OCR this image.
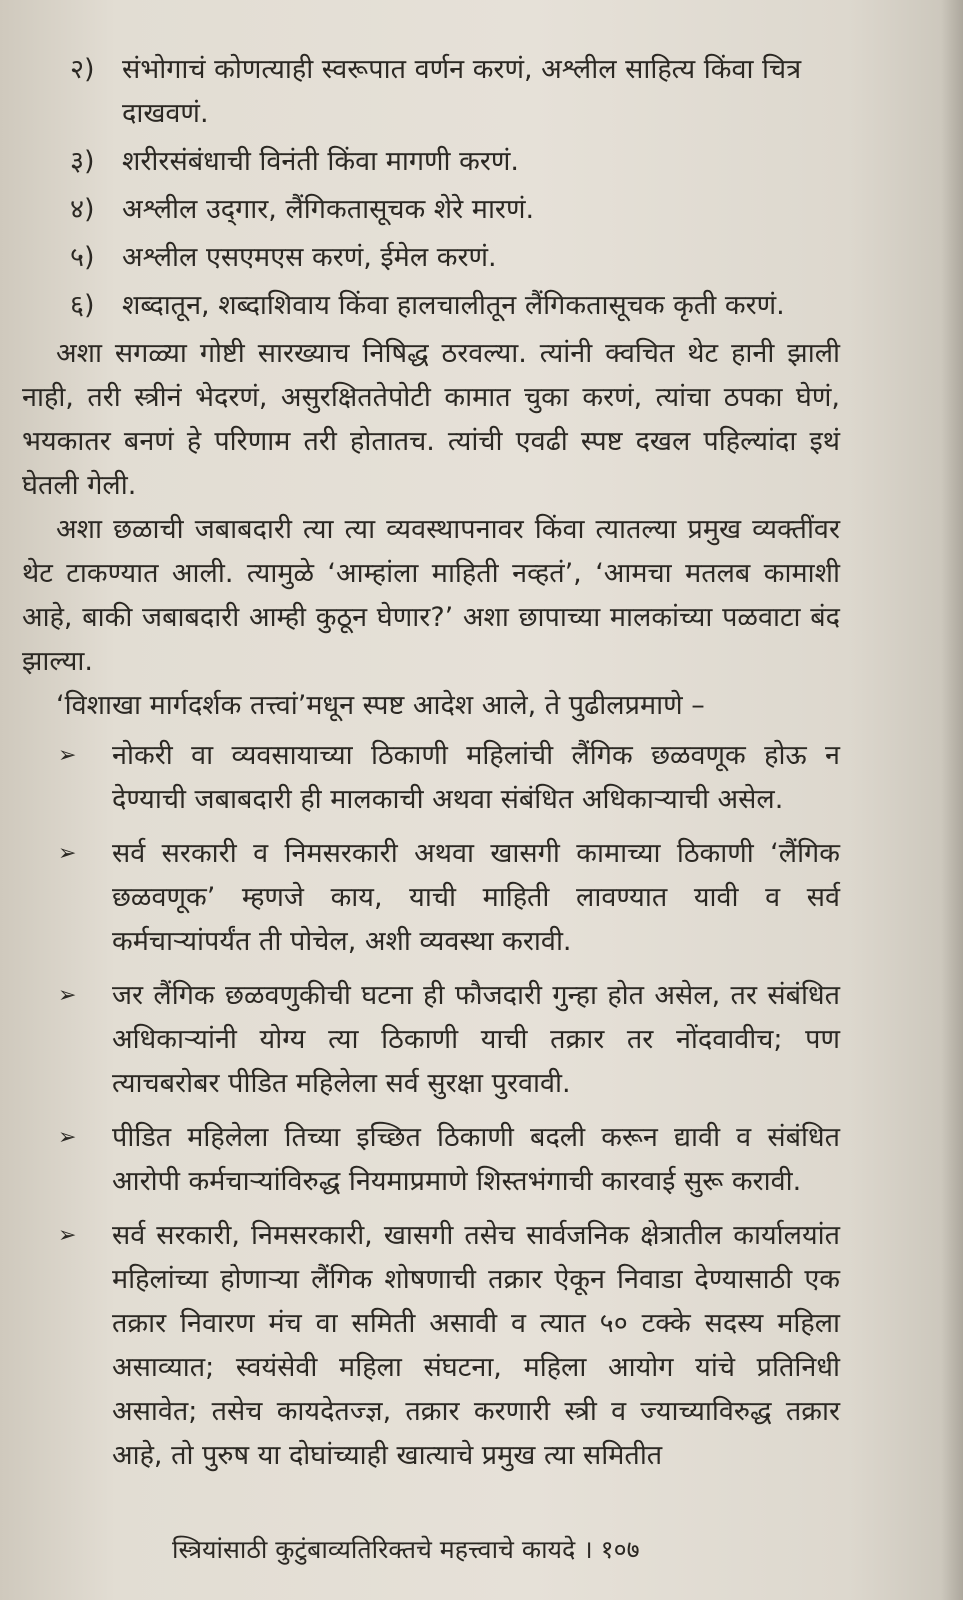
२) संभोगाचं कोणत्याही स्वरूपात वर्णन करणं, अश्लील साहित्य किंवा चित्र दाखवणं.
३) शरीरसंबंधाची विनंती किंवा मागणी करणं.
४) अश्लील उद्‌गार, लैंगिकतासूचक शेरे मारणं.
५) अश्लील एसएमएस करणं, ईमेल करणं.
६) शब्दातून, शब्दाशिवाय किंवा हालचालीतून लैंगिकतासूचक कृती करणं.

अशा सगळ्या गोष्टी सारख्याच निषिद्ध ठरवल्या. त्यांनी क्वचित थेट हानी झाली नाही, तरी स्त्रीनं भेदरणं, असुरक्षिततेपोटी कामात चुका करणं, त्यांचा ठपका घेणं, भयकातर बनणं हे परिणाम तरी होतातच. त्यांची एवढी स्पष्ट दखल पहिल्यांदा इथं घेतली गेली.

अशा छळाची जबाबदारी त्या त्या व्यवस्थापनावर किंवा त्यातल्या प्रमुख व्यक्तींवर थेट टाकण्यात आली. त्यामुळे ‘आम्हांला माहिती नव्हतं’, ‘आमचा मतलब कामाशी आहे, बाकी जबाबदारी आम्ही कुठून घेणार?’ अशा छापाच्या मालकांच्या पळवाटा बंद झाल्या.

‘विशाखा मार्गदर्शक तत्त्वां’मधून स्पष्ट आदेश आले, ते पुढीलप्रमाणे –

➢ नोकरी वा व्यवसायाच्या ठिकाणी महिलांची लैंगिक छळवणूक होऊ न देण्याची जबाबदारी ही मालकाची अथवा संबंधित अधिकाऱ्याची असेल.
➢ सर्व सरकारी व निमसरकारी अथवा खासगी कामाच्या ठिकाणी ‘लैंगिक छळवणूक’ म्हणजे काय, याची माहिती लावण्यात यावी व सर्व कर्मचाऱ्यांपर्यंत ती पोचेल, अशी व्यवस्था करावी.
➢ जर लैंगिक छळवणुकीची घटना ही फौजदारी गुन्हा होत असेल, तर संबंधित अधिकाऱ्यांनी योग्य त्या ठिकाणी याची तक्रार तर नोंदवावीच; पण त्याचबरोबर पीडित महिलेला सर्व सुरक्षा पुरवावी.
➢ पीडित महिलेला तिच्या इच्छित ठिकाणी बदली करून द्यावी व संबंधित आरोपी कर्मचाऱ्यांविरुद्ध नियमाप्रमाणे शिस्तभंगाची कारवाई सुरू करावी.
➢ सर्व सरकारी, निमसरकारी, खासगी तसेच सार्वजनिक क्षेत्रातील कार्यालयांत महिलांच्या होणाऱ्या लैंगिक शोषणाची तक्रार ऐकून निवाडा देण्यासाठी एक तक्रार निवारण मंच वा समिती असावी व त्यात ५० टक्के सदस्य महिला असाव्यात; स्वयंसेवी महिला संघटना, महिला आयोग यांचे प्रतिनिधी असावेत; तसेच कायदेतज्ज्ञ, तक्रार करणारी स्त्री व ज्याच्याविरुद्ध तक्रार आहे, तो पुरुष या दोघांच्याही खात्याचे प्रमुख त्या समितीत
स्त्रियांसाठी कुटुंबाव्यतिरिक्तचे महत्त्वाचे कायदे । १०७
